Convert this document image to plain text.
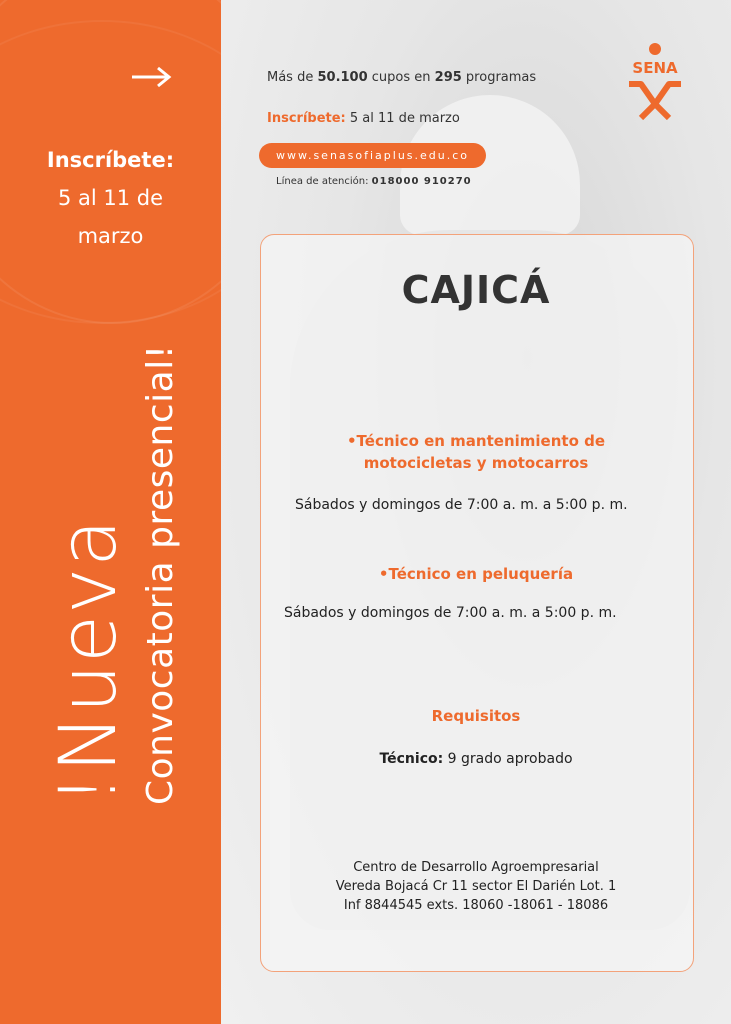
Inscríbete:
5 al 11 de
marzo
!Nueva Convocatoria presencial!
Más de 50.100 cupos en 295 programas
Inscríbete: 5 al 11 de marzo
www.senasofiaplus.edu.co
Línea de atención: 018000 910270
SENA
CAJICÁ
•Técnico en mantenimiento de
motocicletas y motocarros
Sábados y domingos de 7:00 a. m. a 5:00 p. m.
•Técnico en peluquería
Sábados y domingos de 7:00 a. m. a 5:00 p. m.
Requisitos
Técnico: 9 grado aprobado
Centro de Desarrollo Agroempresarial
Vereda Bojacá Cr 11 sector El Darién Lot. 1
Inf 8844545 exts. 18060 -18061 - 18086
